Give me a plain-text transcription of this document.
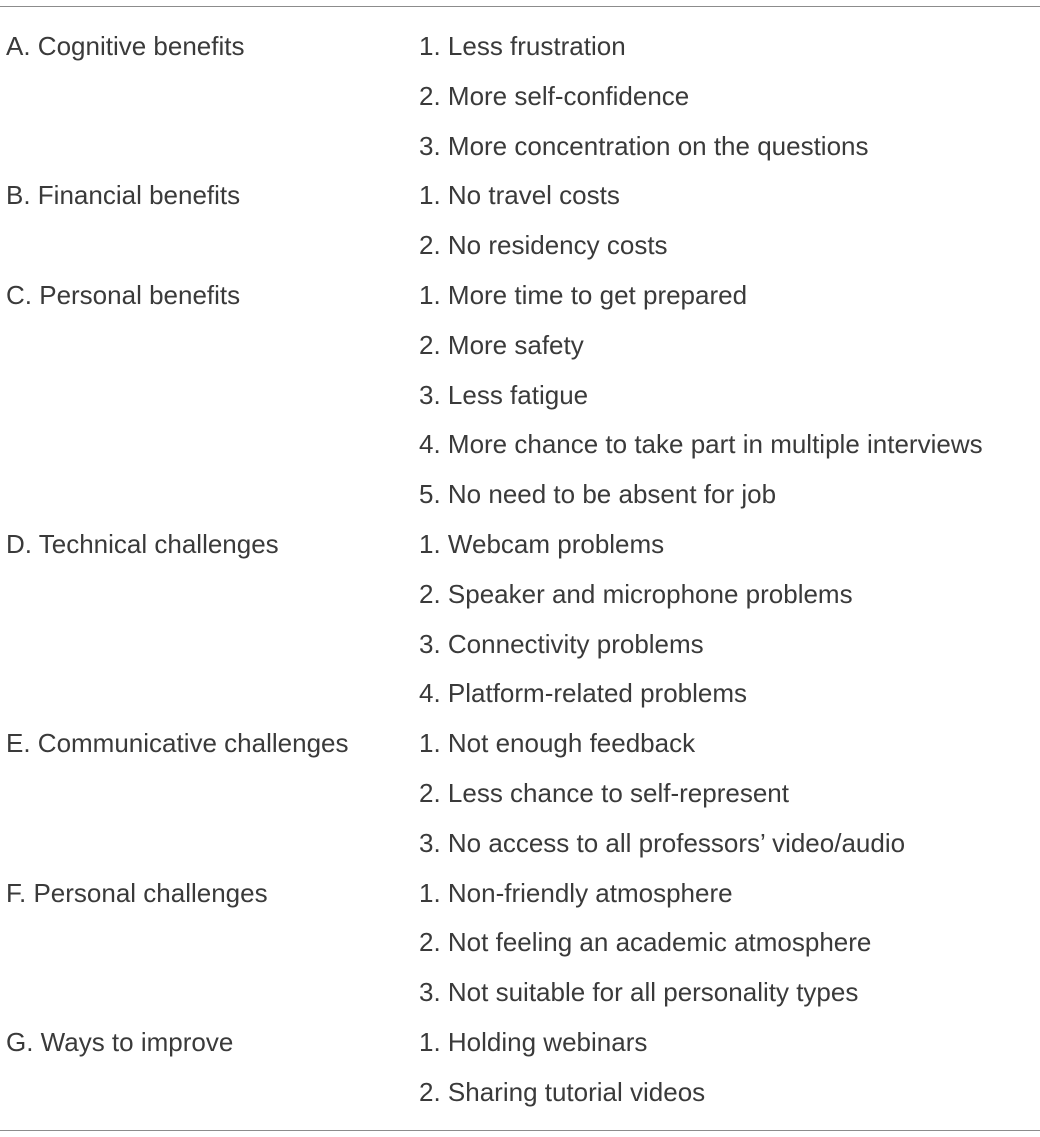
A. Cognitive benefits	1. Less frustration
2. More self-confidence
3. More concentration on the questions
B. Financial benefits	1. No travel costs
2. No residency costs
C. Personal benefits	1. More time to get prepared
2. More safety
3. Less fatigue
4. More chance to take part in multiple interviews
5. No need to be absent for job
D. Technical challenges	1. Webcam problems
2. Speaker and microphone problems
3. Connectivity problems
4. Platform-related problems
E. Communicative challenges	1. Not enough feedback
2. Less chance to self-represent
3. No access to all professors’ video/audio
F. Personal challenges	1. Non-friendly atmosphere
2. Not feeling an academic atmosphere
3. Not suitable for all personality types
G. Ways to improve	1. Holding webinars
2. Sharing tutorial videos
